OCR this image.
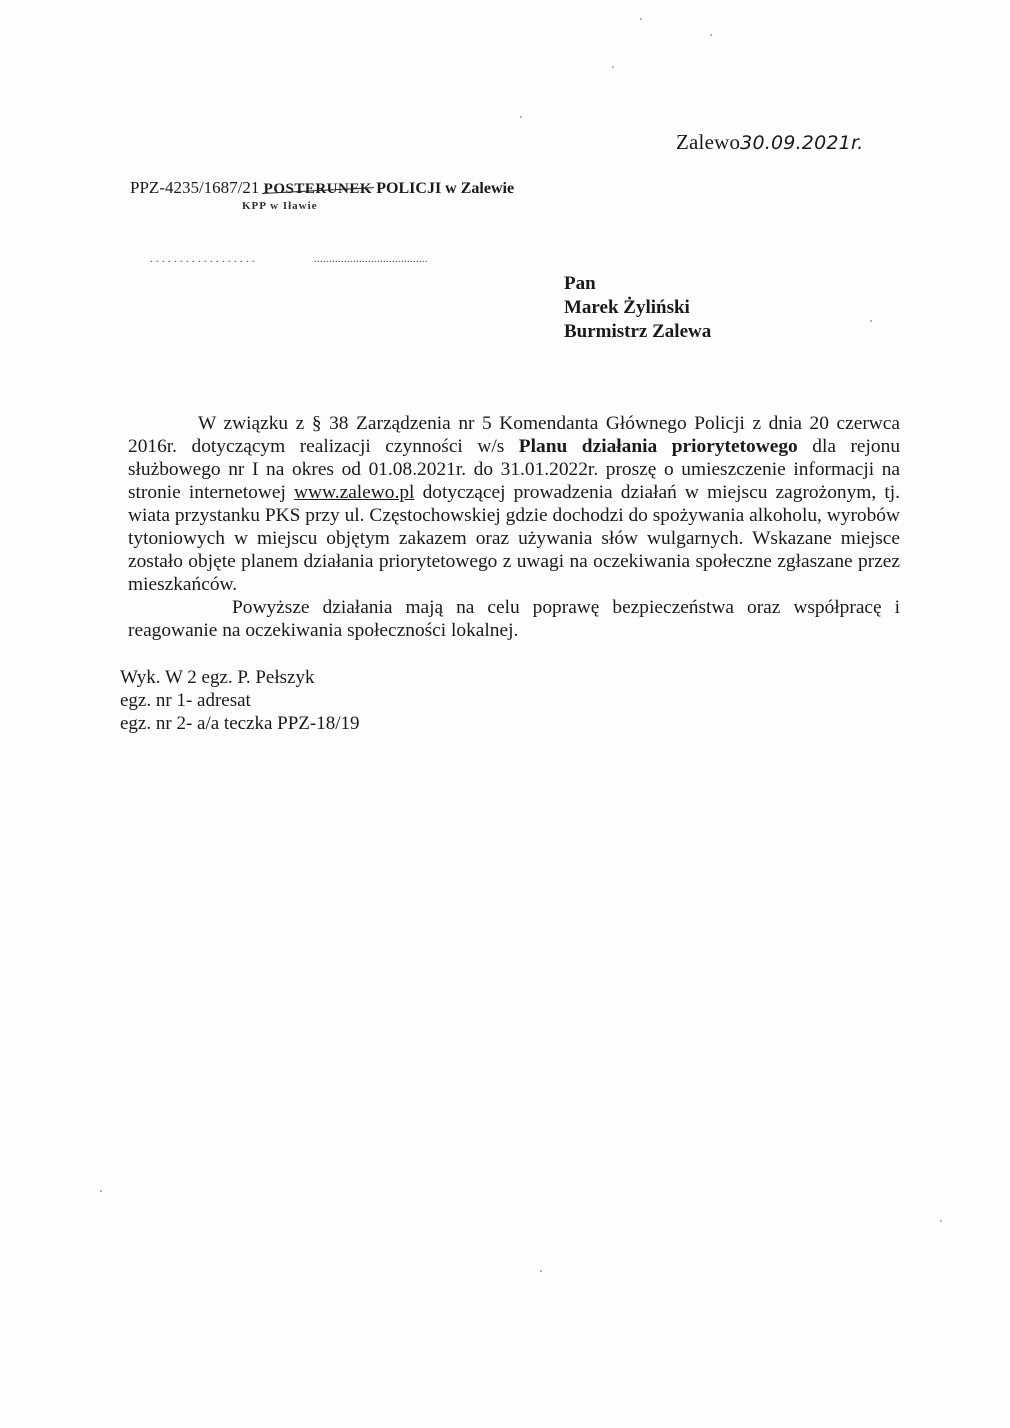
Zalewo30.09.2021r.
PPZ-4235/1687/21 POSTERUNEK POLICJI w Zalewie
KPP w Iławie
. . . . . . . . . . . . . . . . . .	......................................
Pan
Marek Żyliński
Burmistrz Zalewa

W związku z § 38 Zarządzenia nr 5 Komendanta Głównego Policji z dnia 20 czerwca 2016r. dotyczącym realizacji czynności w/s Planu działania priorytetowego dla rejonu służbowego nr I na okres od 01.08.2021r. do 31.01.2022r. proszę o umieszczenie informacji na stronie internetowej www.zalewo.pl dotyczącej prowadzenia działań w miejscu zagrożonym, tj. wiata przystanku PKS przy ul. Częstochowskiej gdzie dochodzi do spożywania alkoholu, wyrobów tytoniowych w miejscu objętym zakazem oraz używania słów wulgarnych. Wskazane miejsce zostało objęte planem działania priorytetowego z uwagi na oczekiwania społeczne zgłaszane przez mieszkańców.

Powyższe działania mają na celu poprawę bezpieczeństwa oraz współpracę i reagowanie na oczekiwania społeczności lokalnej.

Wyk. W 2 egz. P. Pełszyk
egz. nr 1- adresat
egz. nr 2- a/a teczka PPZ-18/19
